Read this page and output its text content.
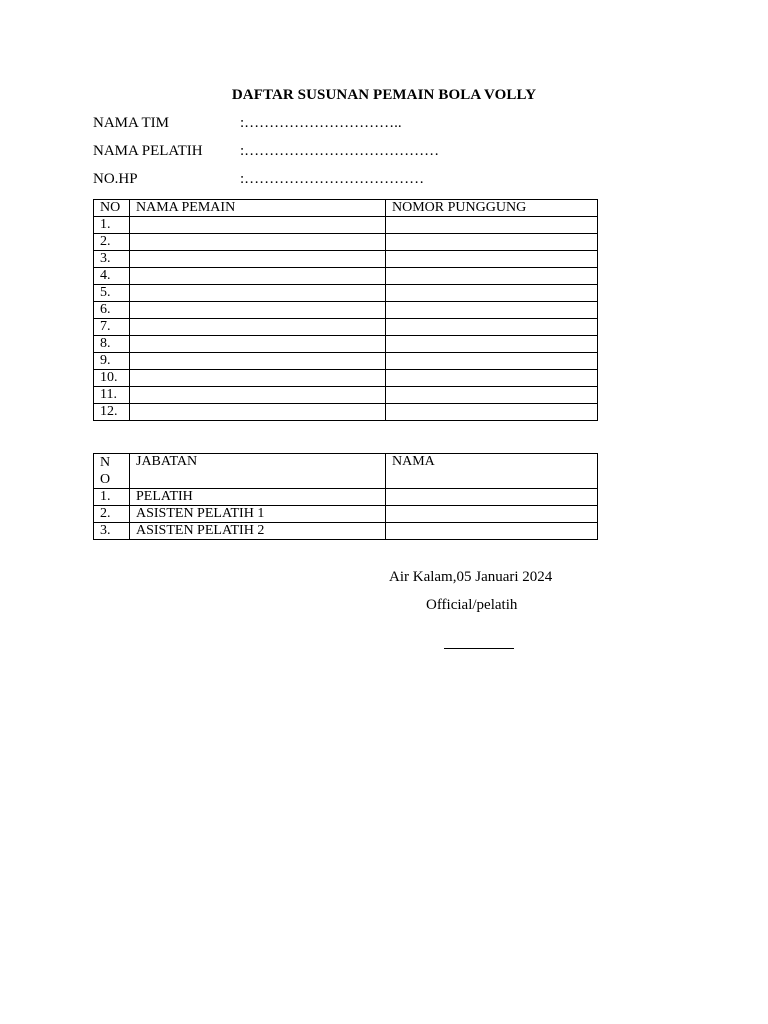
DAFTAR SUSUNAN PEMAIN BOLA VOLLY
NAMA TIM	:…………………………..
NAMA PELATIH :…………………………………
NO.HP	:………………………………
NO	NAMA PEMAIN	NOMOR PUNGGUNG
1.		
2.		
3.		
4.		
5.		
6.		
7.		
8.		
9.		
10.		
11.		
12.		
NO	JABATAN	NAMA
1.	PELATIH	
2.	ASISTEN PELATIH 1	
3.	ASISTEN PELATIH 2	
Air Kalam,05 Januari 2024
Official/pelatih
